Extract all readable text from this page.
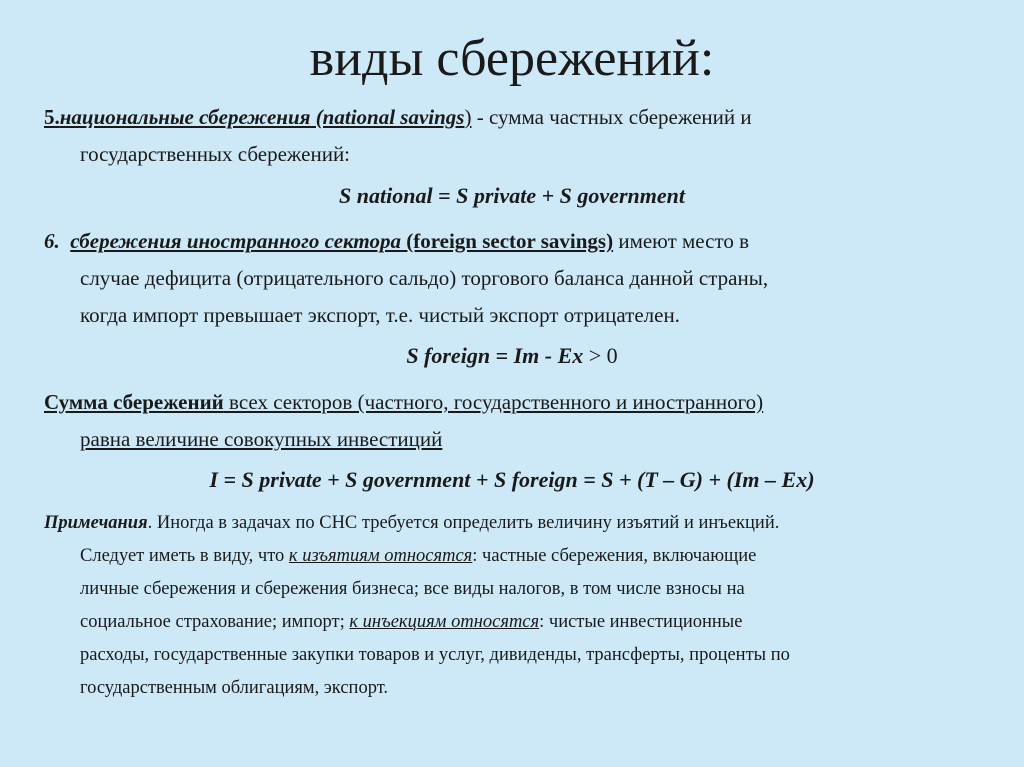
виды сбережений:
5.национальные сбережения (national savings) - сумма частных сбережений и
государственных сбережений:
S national = S private + S government
6. сбережения иностранного сектора (foreign sector savings) имеют место в
случае дефицита (отрицательного сальдо) торгового баланса данной страны,
когда импорт превышает экспорт, т.е. чистый экспорт отрицателен.
S foreign = Im - Ex > 0
Сумма сбережений всех секторов (частного, государственного и иностранного)
равна величине совокупных инвестиций
I = S private + S government + S foreign = S + (T – G) + (Im – Ex)
Примечания. Иногда в задачах по СНС требуется определить величину изъятий и инъекций.
Следует иметь в виду, что к изъятиям относятся: частные сбережения, включающие
личные сбережения и сбережения бизнеса; все виды налогов, в том числе взносы на
социальное страхование; импорт; к инъекциям относятся: чистые инвестиционные
расходы, государственные закупки товаров и услуг, дивиденды, трансферты, проценты по
государственным облигациям, экспорт.
